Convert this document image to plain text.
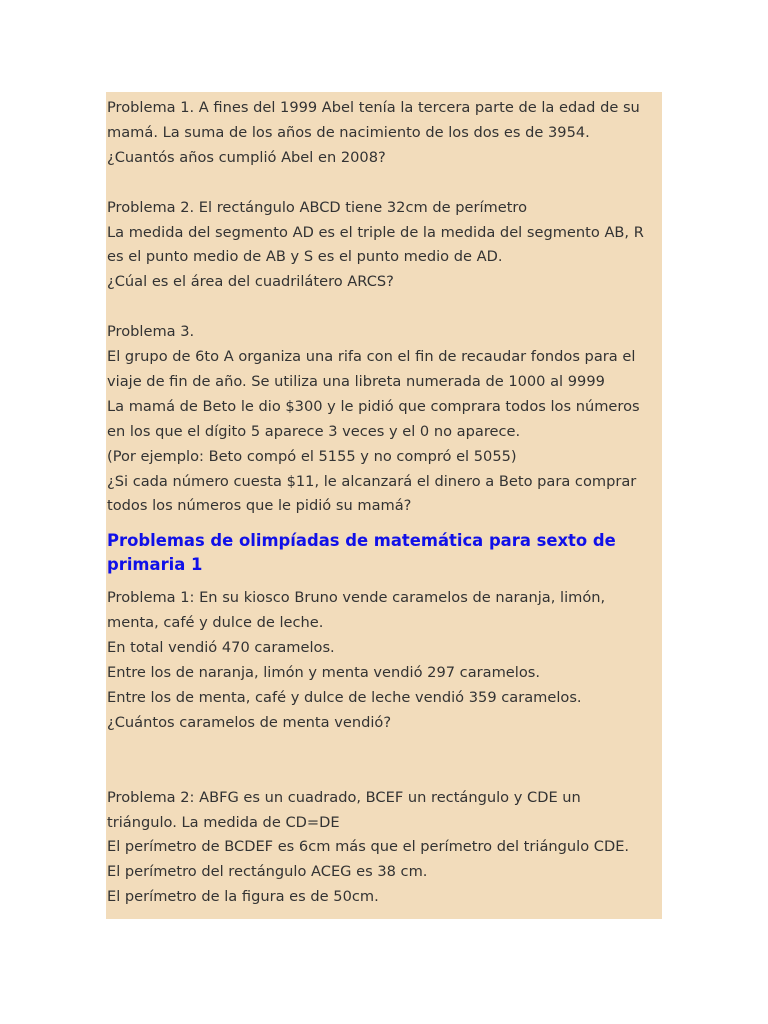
Problema 1. A fines del 1999 Abel tenía la tercera parte de la edad de su
mamá. La suma de los años de nacimiento de los dos es de 3954.
¿Cuantós años cumplió Abel en 2008?
Problema 2. El rectángulo ABCD tiene 32cm de perímetro
La medida del segmento AD es el triple de la medida del segmento AB, R
es el punto medio de AB y S es el punto medio de AD.
¿Cúal es el área del cuadrilátero ARCS?
Problema 3.
El grupo de 6to A organiza una rifa con el fin de recaudar fondos para el
viaje de fin de año. Se utiliza una libreta numerada de 1000 al 9999
La mamá de Beto le dio $300 y le pidió que comprara todos los números
en los que el dígito 5 aparece 3 veces y el 0 no aparece.
(Por ejemplo: Beto compó el 5155 y no compró el 5055)
¿Si cada número cuesta $11, le alcanzará el dinero a Beto para comprar
todos los números que le pidió su mamá?
Problemas de olimpíadas de matemática para sexto de
primaria 1
Problema 1: En su kiosco Bruno vende caramelos de naranja, limón,
menta, café y dulce de leche.
En total vendió 470 caramelos.
Entre los de naranja, limón y menta vendió 297 caramelos.
Entre los de menta, café y dulce de leche vendió 359 caramelos.
¿Cuántos caramelos de menta vendió?
Problema 2: ABFG es un cuadrado, BCEF un rectángulo y CDE un
triángulo. La medida de CD=DE
El perímetro de BCDEF es 6cm más que el perímetro del triángulo CDE.
El perímetro del rectángulo ACEG es 38 cm.
El perímetro de la figura es de 50cm.
